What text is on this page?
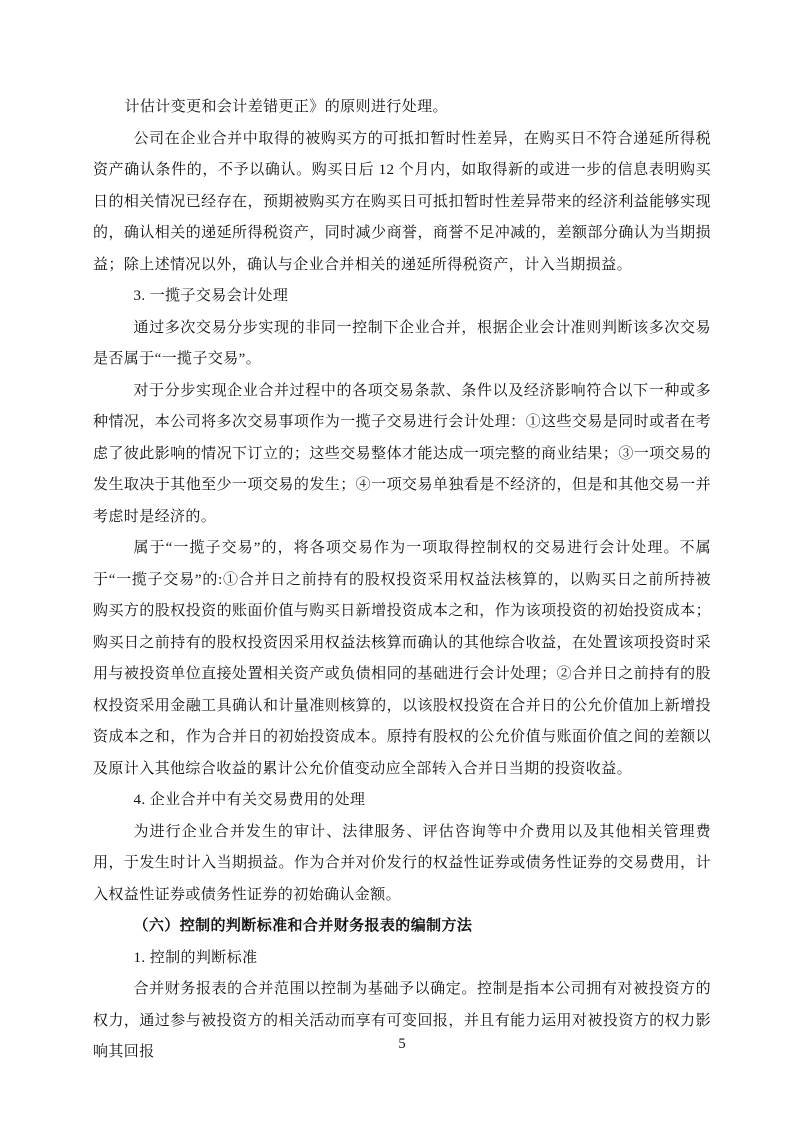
计估计变更和会计差错更正》的原则进行处理。

公司在企业合并中取得的被购买方的可抵扣暂时性差异，在购买日不符合递延所得税资产确认条件的，不予以确认。购买日后 12 个月内，如取得新的或进一步的信息表明购买日的相关情况已经存在，预期被购买方在购买日可抵扣暂时性差异带来的经济利益能够实现的，确认相关的递延所得税资产，同时减少商誉，商誉不足冲减的，差额部分确认为当期损益；除上述情况以外，确认与企业合并相关的递延所得税资产，计入当期损益。

3. 一揽子交易会计处理

通过多次交易分步实现的非同一控制下企业合并，根据企业会计准则判断该多次交易是否属于“一揽子交易”。

对于分步实现企业合并过程中的各项交易条款、条件以及经济影响符合以下一种或多种情况，本公司将多次交易事项作为一揽子交易进行会计处理：①这些交易是同时或者在考虑了彼此影响的情况下订立的；这些交易整体才能达成一项完整的商业结果；③一项交易的发生取决于其他至少一项交易的发生；④一项交易单独看是不经济的，但是和其他交易一并考虑时是经济的。

属于“一揽子交易”的，将各项交易作为一项取得控制权的交易进行会计处理。不属于“一揽子交易”的:①合并日之前持有的股权投资采用权益法核算的，以购买日之前所持被购买方的股权投资的账面价值与购买日新增投资成本之和，作为该项投资的初始投资成本；购买日之前持有的股权投资因采用权益法核算而确认的其他综合收益，在处置该项投资时采用与被投资单位直接处置相关资产或负债相同的基础进行会计处理；②合并日之前持有的股权投资采用金融工具确认和计量准则核算的，以该股权投资在合并日的公允价值加上新增投资成本之和，作为合并日的初始投资成本。原持有股权的公允价值与账面价值之间的差额以及原计入其他综合收益的累计公允价值变动应全部转入合并日当期的投资收益。

4. 企业合并中有关交易费用的处理

为进行企业合并发生的审计、法律服务、评估咨询等中介费用以及其他相关管理费用，于发生时计入当期损益。作为合并对价发行的权益性证券或债务性证券的交易费用，计入权益性证券或债务性证券的初始确认金额。

（六）控制的判断标准和合并财务报表的编制方法

1. 控制的判断标准

合并财务报表的合并范围以控制为基础予以确定。控制是指本公司拥有对被投资方的权力，通过参与被投资方的相关活动而享有可变回报，并且有能力运用对被投资方的权力影响其回报	5
